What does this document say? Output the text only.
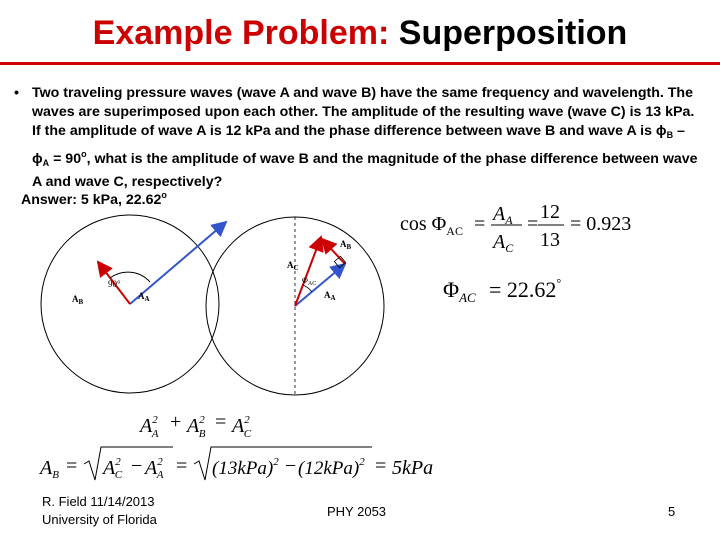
Example Problem: Superposition
• Two traveling pressure waves (wave A and wave B) have the same frequency and wavelength. The waves are superimposed upon each other. The amplitude of the resulting wave (wave C) is 13 kPa. If the amplitude of wave A is 12 kPa and the phase difference between wave B and wave A is $\phi_B - \phi_A = 90^o$, what is the amplitude of wave B and the magnitude of the phase difference between wave A and wave C, respectively?
Answer: 5 kPa, 22.62$^o$
90°
$A_B$
$A_A$
$A_B$
$A_C$
$\Phi_{AC}$
$A_A$
$\cos \Phi_{AC} = A_A$
$A_C$
=
12
13
= 0.923
$\Phi_{AC} = 22.62^\circ$
$A^2$ A
+ $A^2$ B
= $A^2$ C
$A_B = A^2$ $C - A^2$ $A = (13kPa)^2 - (12kPa)^2 = 5kPa$
R. Field 11/14/2013
University of Florida
PHY 2053	5
